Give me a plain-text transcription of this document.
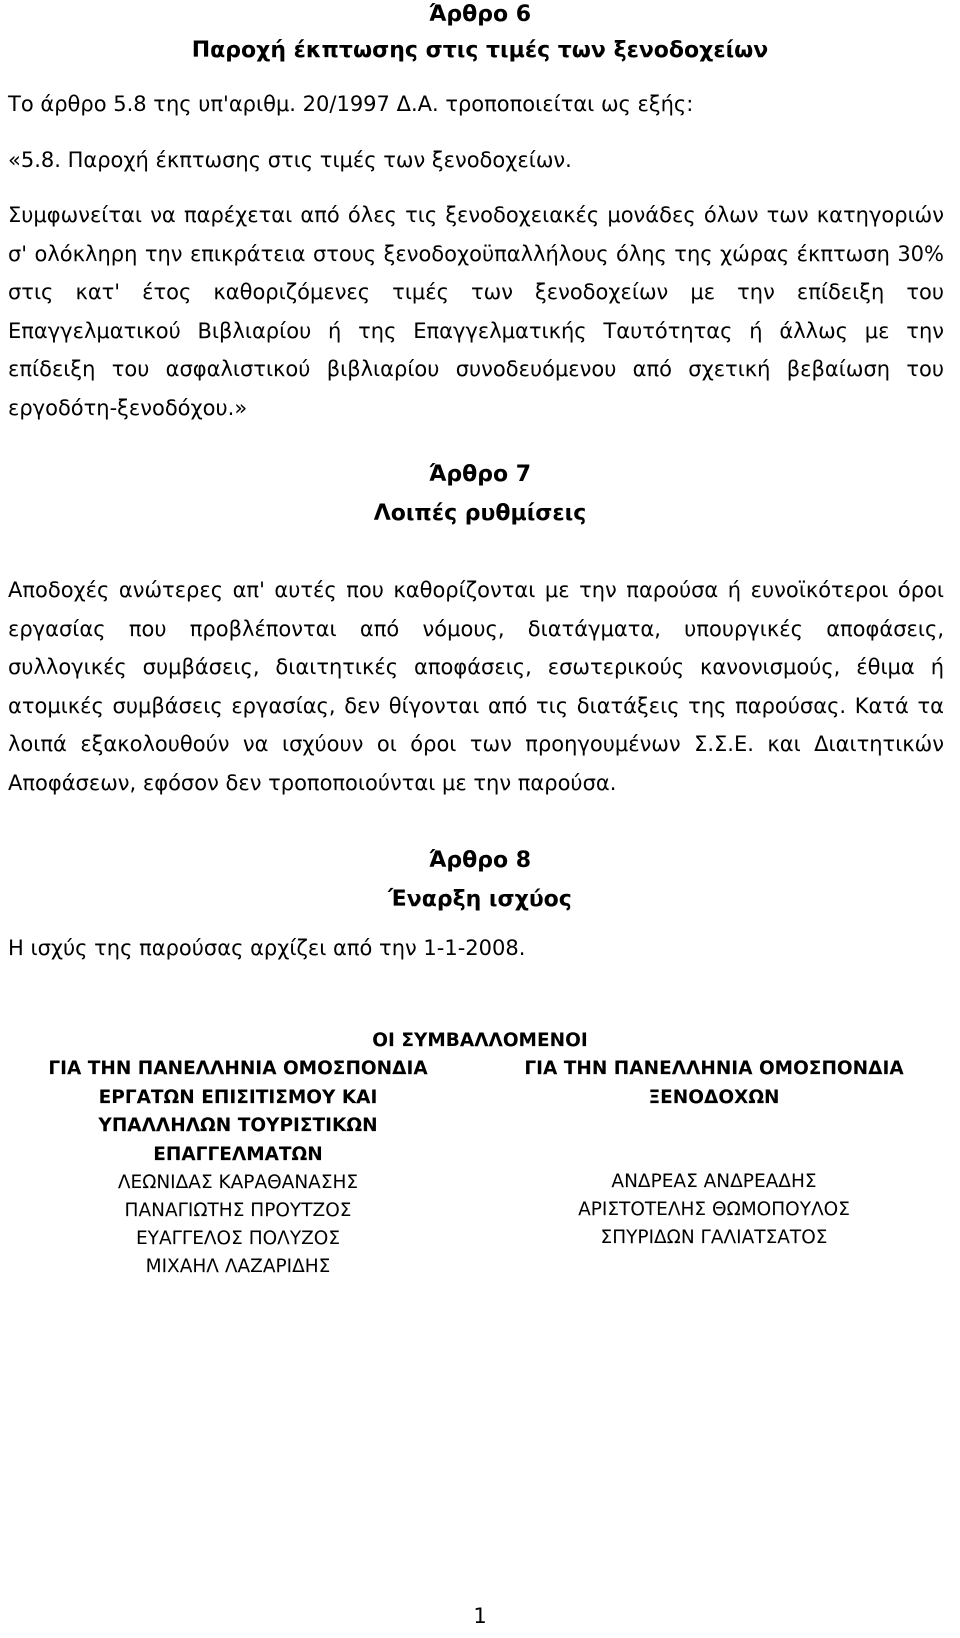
Άρθρο 6
Παροχή έκπτωσης στις τιμές των ξενοδοχείων
Το άρθρο 5.8 της υπ'αριθμ. 20/1997 Δ.Α. τροποποιείται ως εξής:
«5.8. Παροχή έκπτωσης στις τιμές των ξενοδοχείων.
Συμφωνείται να παρέχεται από όλες τις ξενοδοχειακές μονάδες όλων των κατηγοριών σ' ολόκληρη την επικράτεια στους ξενοδοχοϋπαλλήλους όλης της χώρας έκπτωση 30% στις κατ' έτος καθοριζόμενες τιμές των ξενοδοχείων με την επίδειξη του Επαγγελματικού Βιβλιαρίου ή της Επαγγελματικής Ταυτότητας ή άλλως με την επίδειξη του ασφαλιστικού βιβλιαρίου συνοδευόμενου από σχετική βεβαίωση του εργοδότη-ξενοδόχου.»
Άρθρο 7
Λοιπές ρυθμίσεις
Αποδοχές ανώτερες απ' αυτές που καθορίζονται με την παρούσα ή ευνοϊκότεροι όροι εργασίας που προβλέπονται από νόμους, διατάγματα, υπουργικές αποφάσεις, συλλογικές συμβάσεις, διαιτητικές αποφάσεις, εσωτερικούς κανονισμούς, έθιμα ή ατομικές συμβάσεις εργασίας, δεν θίγονται από τις διατάξεις της παρούσας. Κατά τα λοιπά εξακολουθούν να ισχύουν οι όροι των προηγουμένων Σ.Σ.Ε. και Διαιτητικών Αποφάσεων, εφόσον δεν τροποποιούνται με την παρούσα.
Άρθρο 8
Έναρξη ισχύος
Η ισχύς της παρούσας αρχίζει από την 1-1-2008.
ΟΙ ΣΥΜΒΑΛΛΟΜΕΝΟΙ
ΓΙΑ ΤΗΝ ΠΑΝΕΛΛΗΝΙΑ ΟΜΟΣΠΟΝΔΙΑ
ΕΡΓΑΤΩΝ ΕΠΙΣΙΤΙΣΜΟΥ ΚΑΙ
ΥΠΑΛΛΗΛΩΝ ΤΟΥΡΙΣΤΙΚΩΝ
ΕΠΑΓΓΕΛΜΑΤΩΝ
ΛΕΩΝΙΔΑΣ ΚΑΡΑΘΑΝΑΣΗΣ
ΠΑΝΑΓΙΩΤΗΣ ΠΡΟΥΤΖΟΣ
ΕΥΑΓΓΕΛΟΣ ΠΟΛΥΖΟΣ
ΜΙΧΑΗΛ ΛΑΖΑΡΙΔΗΣ
ΓΙΑ ΤΗΝ ΠΑΝΕΛΛΗΝΙΑ ΟΜΟΣΠΟΝΔΙΑ
ΞΕΝΟΔΟΧΩΝ
ΑΝΔΡΕΑΣ ΑΝΔΡΕΑΔΗΣ
ΑΡΙΣΤΟΤΕΛΗΣ ΘΩΜΟΠΟΥΛΟΣ
ΣΠΥΡΙΔΩΝ ΓΑΛΙΑΤΣΑΤΟΣ
1
